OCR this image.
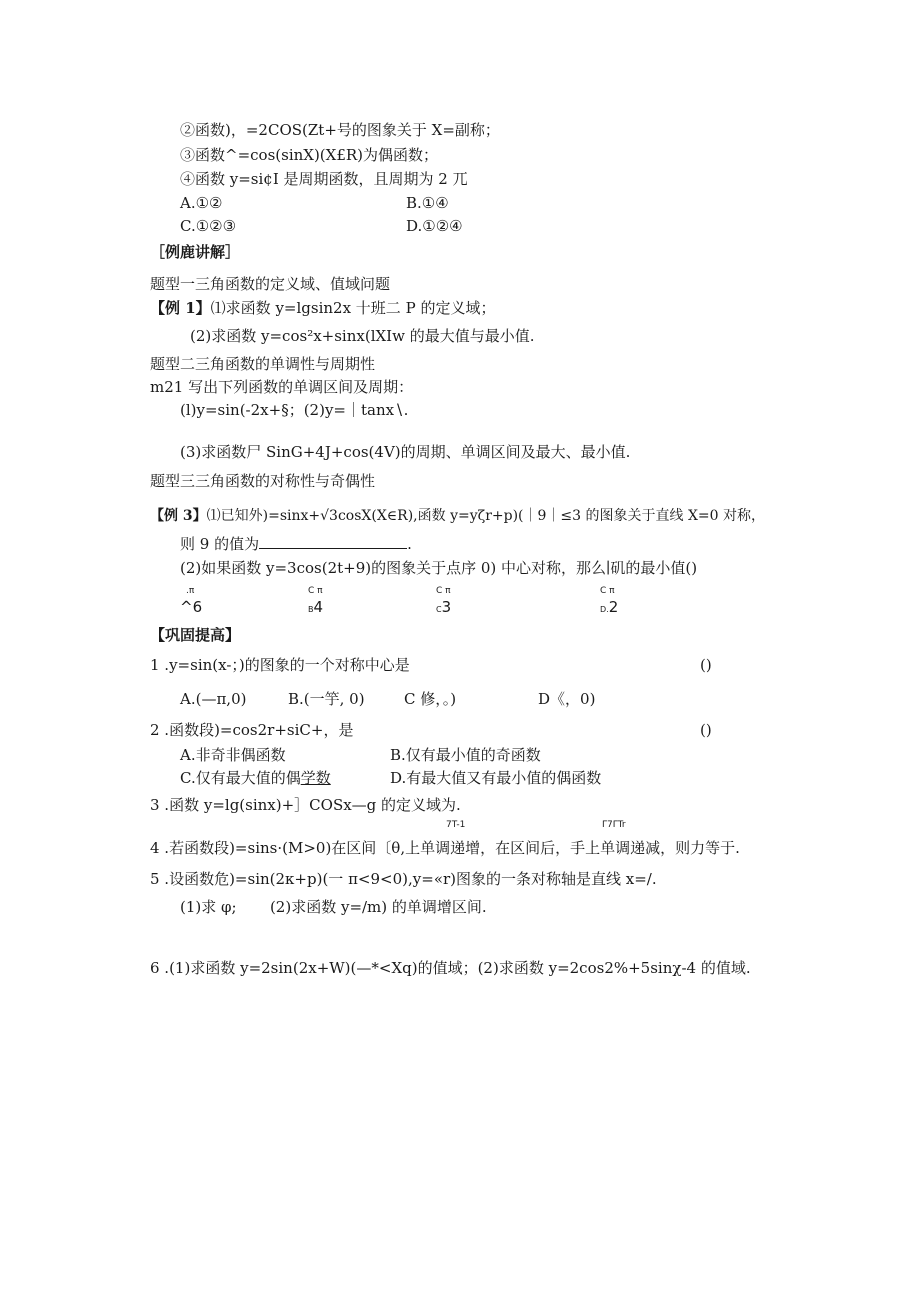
②函数)，=2COS(Zt+号的图象关于 X=副称；
③函数^=cos(sinX)(X£R)为偶函数；
④函数 y=si¢I 是周期函数，且周期为 2 兀
A.①②	B.①④
C.①②③	D.①②④
［例鹿讲解］
题型一三角函数的定义域、值域问题
【例 1】⑴求函数 y=lgsin2x 十班二 P 的定义域；
(2)求函数 y=cos²x+sinx(lXIw 的最大值与最小值.
题型二三角函数的单调性与周期性
m21 写出下列函数的单调区间及周期：
(l)y=sin(-2x+§；(2)y=｜tanx∖.
(3)求函数尸 SinG+4J+cos(4V)的周期、单调区间及最大、最小值.
题型三三角函数的对称性与奇偶性
【例 3】⑴已知外)=sinx+√3cosX(X∈R),函数 y=yζr+p)(｜9｜≤3 的图象关于直线 X=0 对称，
则 9 的值为	.
(2)如果函数 y=3cos(2t+9)的图象关于点序 0) 中心对称，那么∣矶的最小值()
.π
^6
C π
B4
C π
C3
C π
D.2
【巩固提高】
1 .y=sin(x-；)的图象的一个对称中心是	()
A.(—π,0)	B.(一竽, 0)	C 修，。)	D《，0)
2 .函数段)=cos2r+siC+，是	()
A.非奇非偶函数	B.仅有最小值的奇函数
C.仅有最大值的偶学数	D.有最大值又有最小值的偶函数
3 .函数 y=lg(sinx)+］COSx—g 的定义域为.
7T-1	Γ7ΓTr
4 .若函数段)=sins·(M>0)在区间〔θ,上单调递增，在区间后，手上单调递减，则力等于.
5 .设函数危)=sin(2κ+p)(一 π<9<0),y=«r)图象的一条对称轴是直线 x=/.
(1)求 φ;       (2)求函数 y=/m) 的单调增区间.
6 .(1)求函数 y=2sin(2x+W)(—*<Xq)的值域；(2)求函数 y=2cos2%+5sinχ-4 的值域.
